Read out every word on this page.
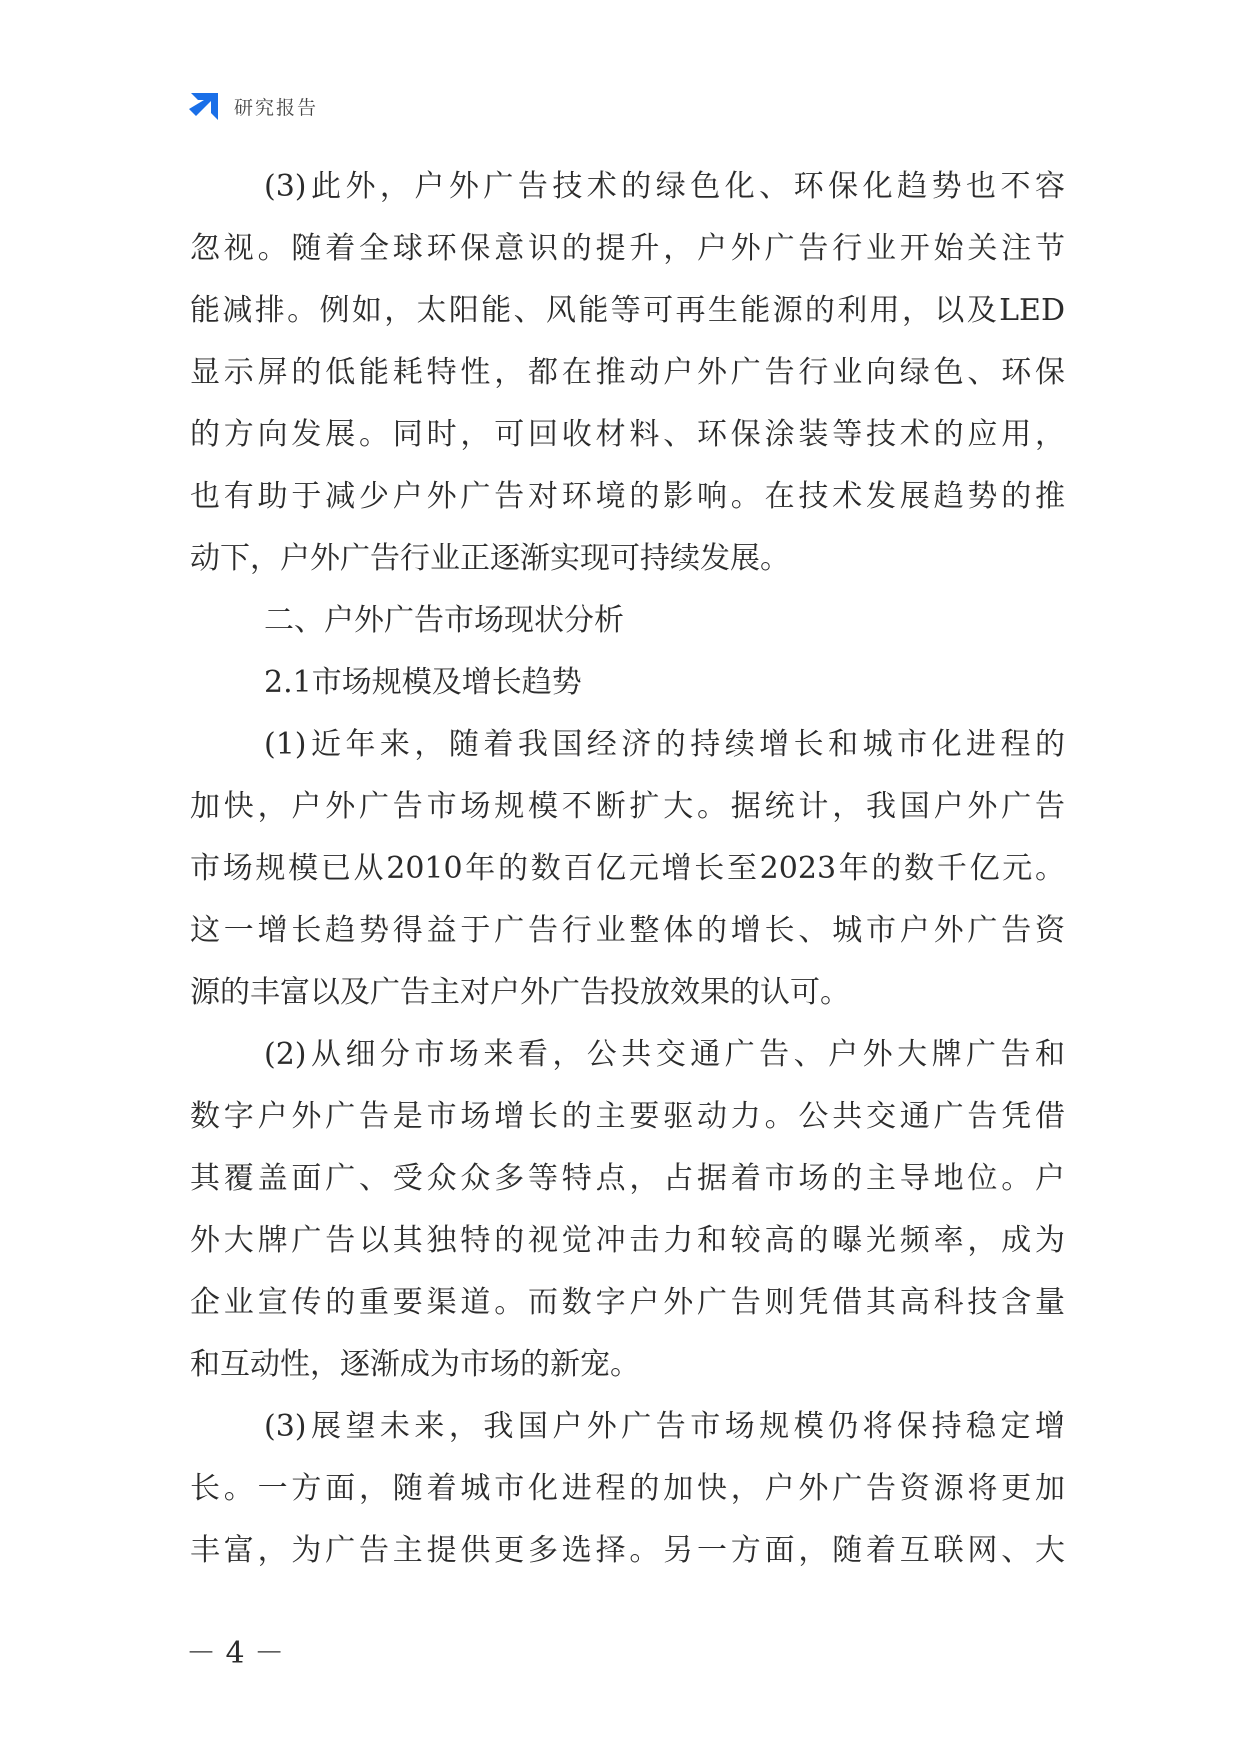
研究报告
(3)此外，户外广告技术的绿色化、环保化趋势也不容
忽视。随着全球环保意识的提升，户外广告行业开始关注节
能减排。例如，太阳能、风能等可再生能源的利用，以及LED
显示屏的低能耗特性，都在推动户外广告行业向绿色、环保
的方向发展。同时，可回收材料、环保涂装等技术的应用，
也有助于减少户外广告对环境的影响。在技术发展趋势的推
动下，户外广告行业正逐渐实现可持续发展。
二、户外广告市场现状分析
2.1市场规模及增长趋势
(1)近年来，随着我国经济的持续增长和城市化进程的
加快，户外广告市场规模不断扩大。据统计，我国户外广告
市场规模已从2010年的数百亿元增长至2023年的数千亿元。
这一增长趋势得益于广告行业整体的增长、城市户外广告资
源的丰富以及广告主对户外广告投放效果的认可。
(2)从细分市场来看，公共交通广告、户外大牌广告和
数字户外广告是市场增长的主要驱动力。公共交通广告凭借
其覆盖面广、受众众多等特点，占据着市场的主导地位。户
外大牌广告以其独特的视觉冲击力和较高的曝光频率，成为
企业宣传的重要渠道。而数字户外广告则凭借其高科技含量
和互动性，逐渐成为市场的新宠。
(3)展望未来，我国户外广告市场规模仍将保持稳定增
长。一方面，随着城市化进程的加快，户外广告资源将更加
丰富，为广告主提供更多选择。另一方面，随着互联网、大
－ 4 －
